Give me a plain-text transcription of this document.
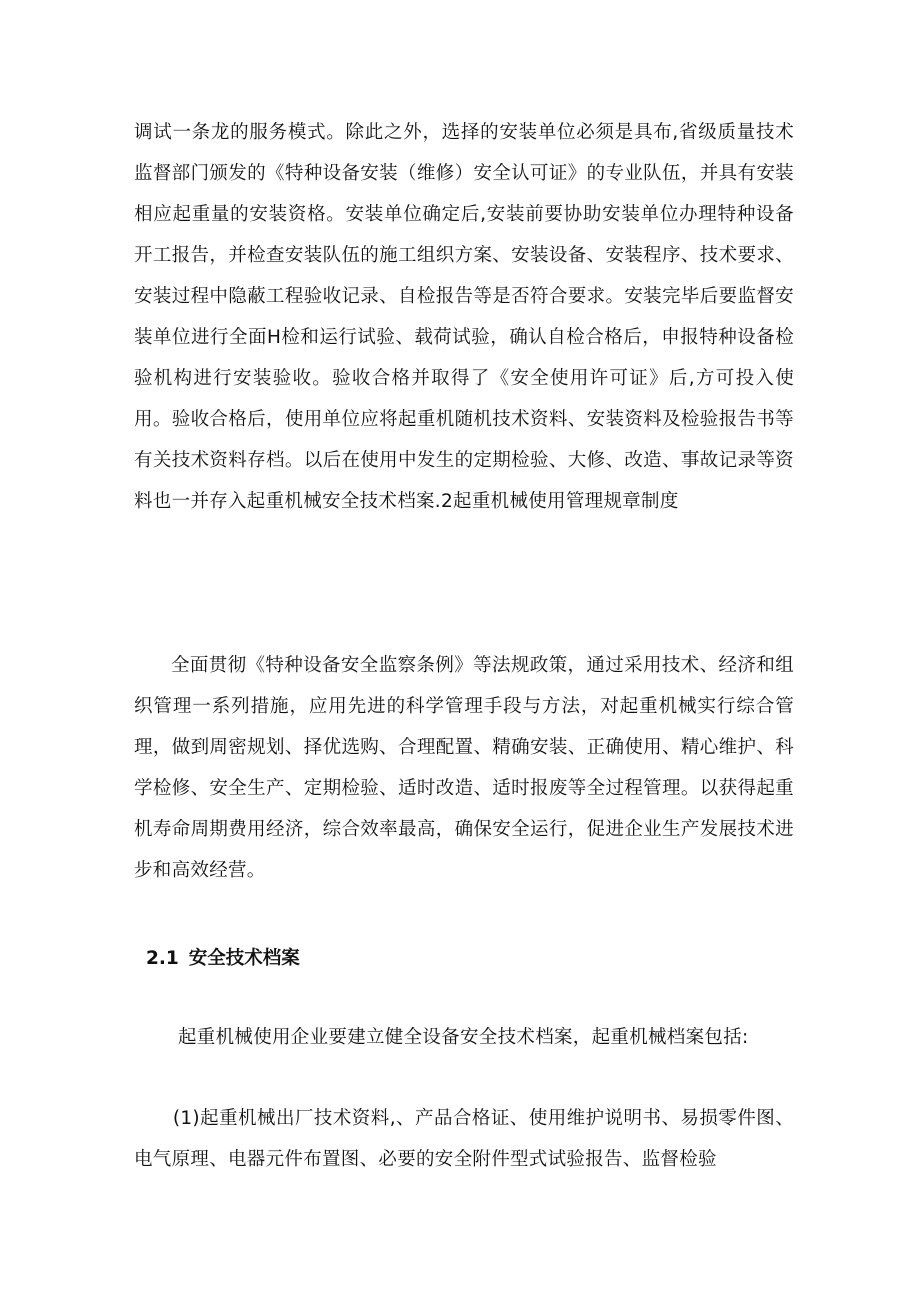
调试一条龙的服务模式。除此之外，选择的安装单位必须是具布,省级质量技术监督部门颁发的《特种设备安装（维修）安全认可证》的专业队伍，并具有安装相应起重量的安装资格。安装单位确定后,安装前要协助安装单位办理特种设备开工报告，并检查安装队伍的施工组织方案、安装设备、安装程序、技术要求、安装过程中隐蔽工程验收记录、自检报告等是否符合要求。安装完毕后要监督安装单位进行全面H检和运行试验、载荷试验，确认自检合格后，申报特种设备检验机构进行安装验收。验收合格并取得了《安全使用许可证》后,方可投入使用。验收合格后，使用单位应将起重机随机技术资料、安装资料及检验报告书等有关技术资料存档。以后在使用中发生的定期检验、大修、改造、事故记录等资料也一并存入起重机械安全技术档案.2起重机械使用管理规章制度

全面贯彻《特种设备安全监察条例》等法规政策，通过采用技术、经济和组织管理一系列措施，应用先进的科学管理手段与方法，对起重机械实行综合管理，做到周密规划、择优选购、合理配置、精确安装、正确使用、精心维护、科学检修、安全生产、定期检验、适时改造、适时报废等全过程管理。以获得起重机寿命周期费用经济，综合效率最高，确保安全运行，促进企业生产发展技术进步和高效经营。

2.1 安全技术档案

起重机械使用企业要建立健全设备安全技术档案，起重机械档案包括:

(1)起重机械出厂技术资料,、产品合格证、使用维护说明书、易损零件图、电气原理、电器元件布置图、必要的安全附件型式试验报告、监督检验
